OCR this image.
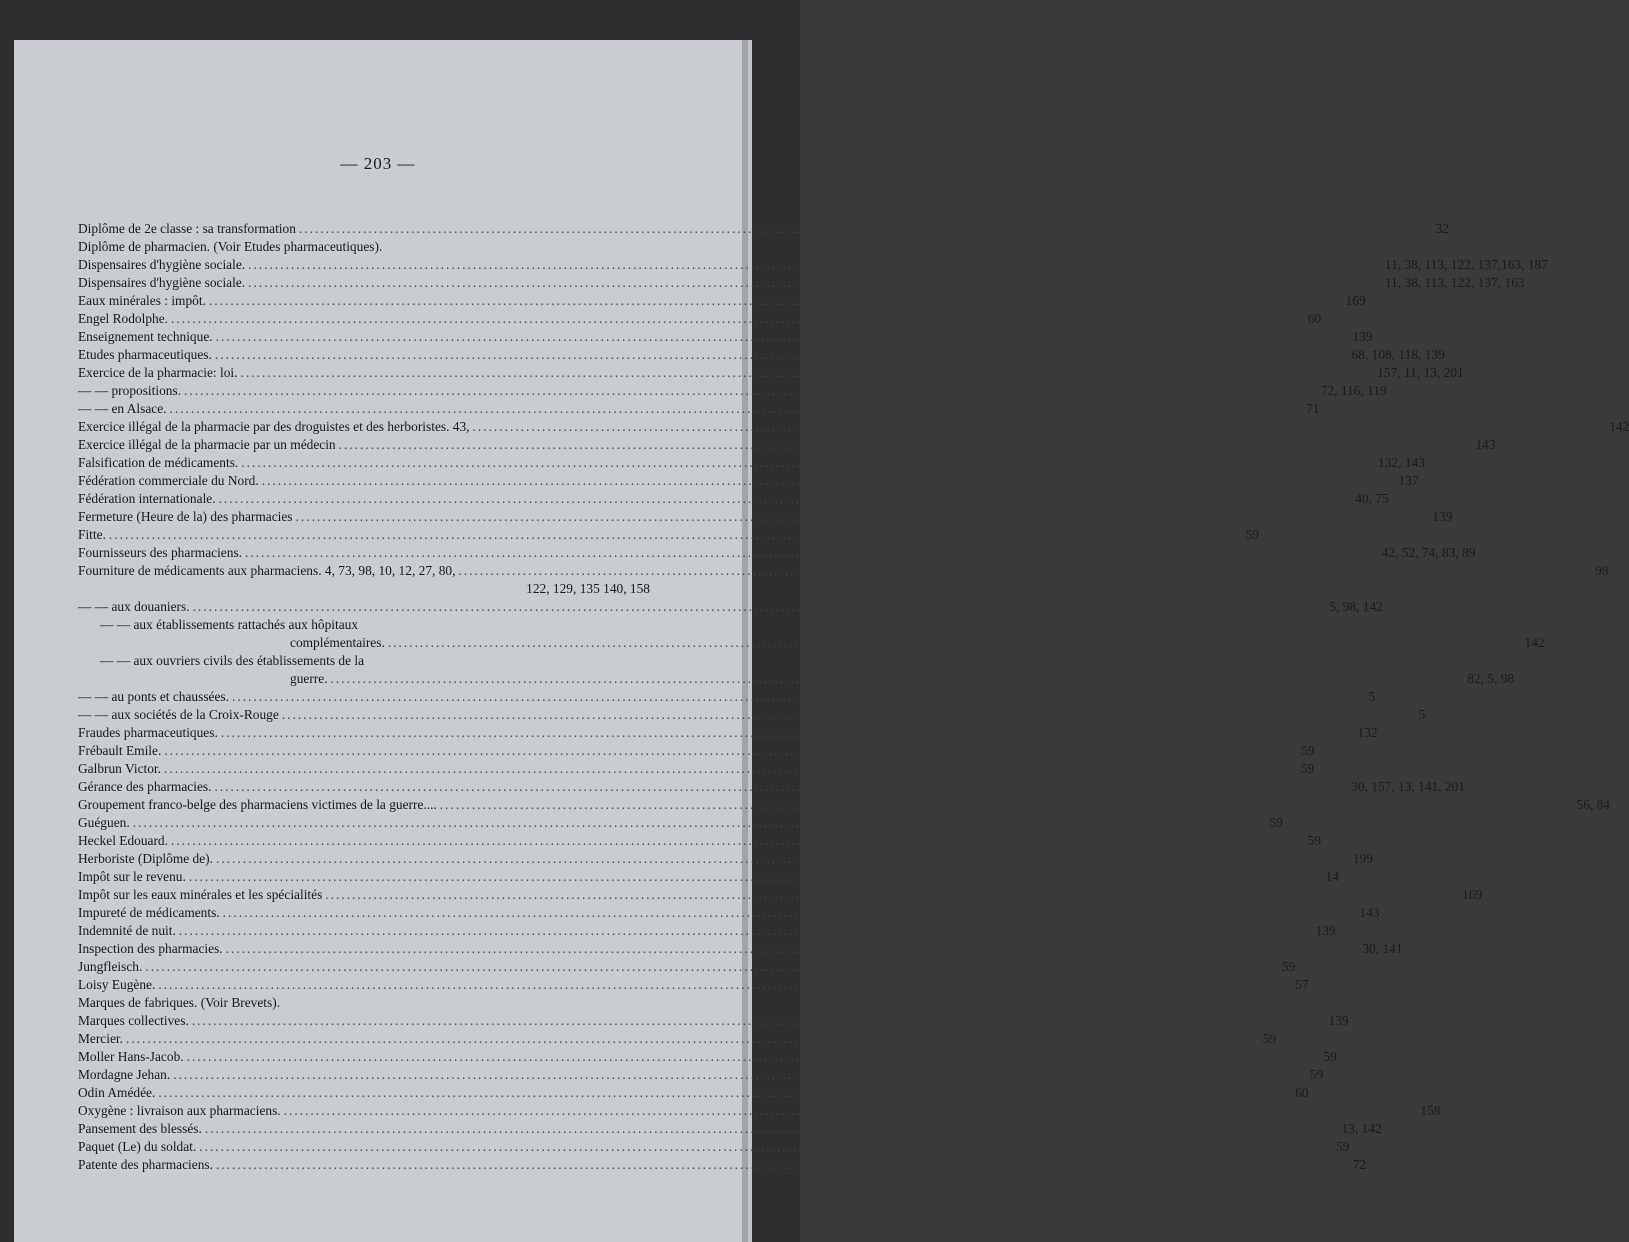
— 203 —
Diplôme de 2e classe : sa transformation .....	32
Diplôme de pharmacien. (Voir Etudes pharmaceutiques).
Dispensaires d'hygiène sociale. .....	11, 38, 113, 122, 137,163, 187
Dispensaires d'hygiène sociale. .....	11, 38, 113, 122, 137, 163
Eaux minérales : impôt. .....	169
Engel Rodolphe. .....	60
Enseignement technique. .....	139
Etudes pharmaceutiques. .....	68, 108, 118, 139
Exercice de la pharmacie: loi. .....	157, 11, 13, 201
— — propositions. .....	72, 116, 119
— — en Alsace. .....	71
Exercice illégal de la pharmacie par des droguistes et des herboristes. 43, .....	142
Exercice illégal de la pharmacie par un médecin .....	143
Falsification de médicaments. .....	132, 143
Fédération commerciale du Nord. .....	137
Fédération internationale. .....	40, 75
Fermeture (Heure de la) des pharmacies .....	139
Fitte. .....	59
Fournisseurs des pharmaciens. .....	42, 52, 74, 83, 89
Fourniture de médicaments aux pharmaciens. 4, 73, 98, 10, 12, 27, 80, .....	98
122, 129, 135 140, 158
— — aux douaniers. .....	5, 98, 142
— — aux établissements rattachés aux hôpitaux
complémentaires. .....	142
— — aux ouvriers civils des établissements de la
guerre. .....	82, 5, 98
— — au ponts et chaussées. .....	5
— — aux sociétés de la Croix-Rouge .....	5
Fraudes pharmaceutiques. .....	132
Frébault Emile. .....	59
Galbrun Victor. .....	59
Gérance des pharmacies. .....	30, 157, 13, 141, 201
Groupement franco-belge des pharmaciens victimes de la guerre.... .....	56, 84
Guéguen. .....	59
Heckel Edouard. .....	59
Herboriste (Diplôme de). .....	199
Impôt sur le revenu. .....	14
Impôt sur les eaux minérales et les spécialités .....	169
Impureté de médicaments. .....	143
Indemnité de nuit. .....	139
Inspection des pharmacies. .....	30, 141
Jungfleisch. .....	59
Loisy Eugène. .....	57
Marques de fabriques. (Voir Brevets).
Marques collectives. .....	139
Mercier. .....	59
Moller Hans-Jacob. .....	59
Mordagne Jehan. .....	59
Odin Amédée. .....	60
Oxygène : livraison aux pharmaciens. .....	158
Pansement des blessés. .....	13, 142
Paquet (Le) du soldat. .....	59
Patente des pharmaciens. .....	72
